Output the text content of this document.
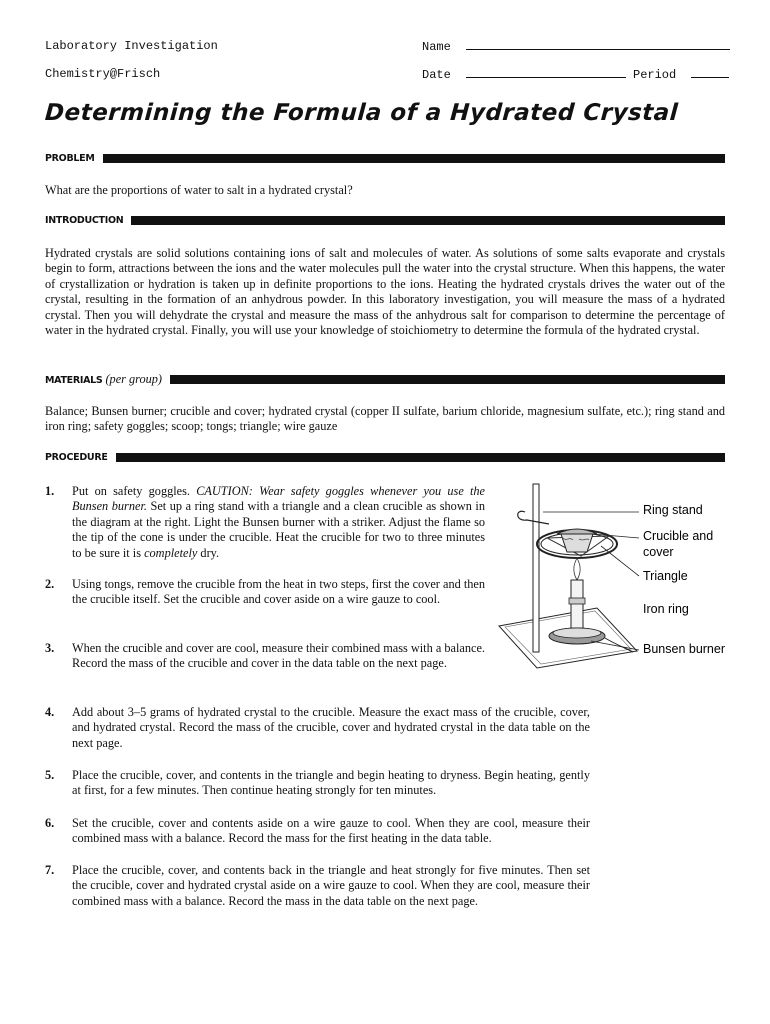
Laboratory Investigation
Chemistry@Frisch
Name
Date	Period
Determining the Formula of a Hydrated Crystal
PROBLEM

What are the proportions of water to salt in a hydrated crystal?

INTRODUCTION

Hydrated crystals are solid solutions containing ions of salt and molecules of water. As solutions of some salts evaporate and crystals begin to form, attractions between the ions and the water molecules pull the water into the crystal structure. When this happens, the water of crystallization or hydration is taken up in definite proportions to the ions. Heating the hydrated crystals drives the water out of the crystal, resulting in the formation of an anhydrous powder. In this laboratory investigation, you will measure the mass of a hydrated crystal. Then you will dehydrate the crystal and measure the mass of the anhydrous salt for comparison to determine the percentage of water in the hydrated crystal. Finally, you will use your knowledge of stoichiometry to determine the formula of the hydrated crystal.

MATERIALS (per group)

Balance; Bunsen burner; crucible and cover; hydrated crystal (copper II sulfate, barium chloride, magnesium sulfate, etc.); ring stand and iron ring; safety goggles; scoop; tongs; triangle; wire gauze

PROCEDURE
1.	Put on safety goggles. CAUTION: Wear safety goggles whenever you use the Bunsen burner. Set up a ring stand with a triangle and a clean crucible as shown in the diagram at the right. Light the Bunsen burner with a striker. Adjust the flame so the tip of the cone is under the crucible. Heat the crucible for two to three minutes to be sure it is completely dry.
2.	Using tongs, remove the crucible from the heat in two steps, first the cover and then the crucible itself. Set the crucible and cover aside on a wire gauze to cool.
3.	When the crucible and cover are cool, measure their combined mass with a balance. Record the mass of the crucible and cover in the data table on the next page.
4.	Add about 3–5 grams of hydrated crystal to the crucible. Measure the exact mass of the crucible, cover, and hydrated crystal. Record the mass of the crucible, cover and hydrated crystal in the data table on the next page.
5.	Place the crucible, cover, and contents in the triangle and begin heating to dryness. Begin heating, gently at first, for a few minutes. Then continue heating strongly for ten minutes.
6.	Set the crucible, cover and contents aside on a wire gauze to cool. When they are cool, measure their combined mass with a balance. Record the mass for the first heating in the data table.
7.	Place the crucible, cover, and contents back in the triangle and heat strongly for five minutes. Then set the crucible, cover and hydrated crystal aside on a wire gauze to cool. When they are cool, measure their combined mass with a balance. Record the mass in the data table on the next page.
Ring stand
Crucible and
cover
Triangle
Iron ring
Bunsen burner
